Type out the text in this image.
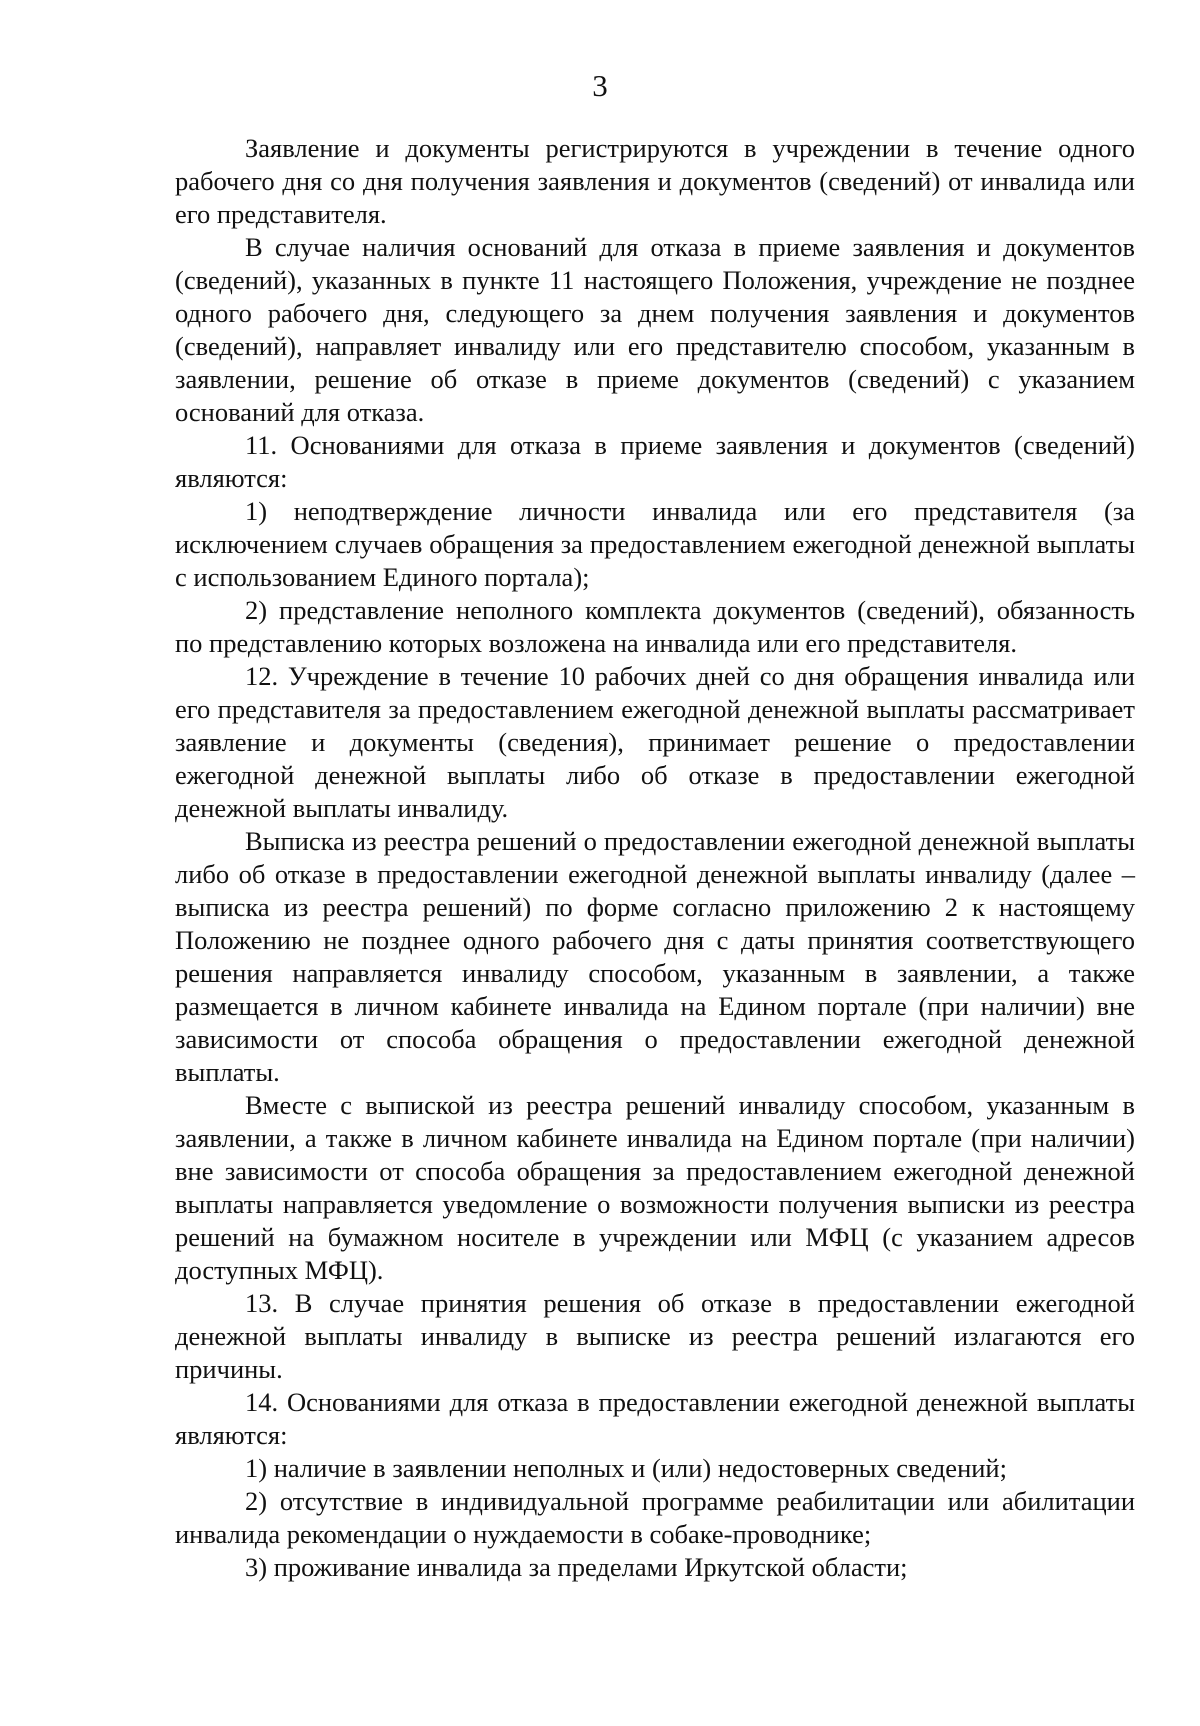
3

Заявление и документы регистрируются в учреждении в течение одного рабочего дня со дня получения заявления и документов (сведений) от инвалида или его представителя.

В случае наличия оснований для отказа в приеме заявления и документов (сведений), указанных в пункте 11 настоящего Положения, учреждение не позднее одного рабочего дня, следующего за днем получения заявления и документов (сведений), направляет инвалиду или его представителю способом, указанным в заявлении, решение об отказе в приеме документов (сведений) с указанием оснований для отказа.

11. Основаниями для отказа в приеме заявления и документов (сведений) являются:

1) неподтверждение личности инвалида или его представителя (за исключением случаев обращения за предоставлением ежегодной денежной выплаты с использованием Единого портала);

2) представление неполного комплекта документов (сведений), обязанность по представлению которых возложена на инвалида или его представителя.

12. Учреждение в течение 10 рабочих дней со дня обращения инвалида или его представителя за предоставлением ежегодной денежной выплаты рассматривает заявление и документы (сведения), принимает решение о предоставлении ежегодной денежной выплаты либо об отказе в предоставлении ежегодной денежной выплаты инвалиду.

Выписка из реестра решений о предоставлении ежегодной денежной выплаты либо об отказе в предоставлении ежегодной денежной выплаты инвалиду (далее – выписка из реестра решений) по форме согласно приложению 2 к настоящему Положению не позднее одного рабочего дня с даты принятия соответствующего решения направляется инвалиду способом, указанным в заявлении, а также размещается в личном кабинете инвалида на Едином портале (при наличии) вне зависимости от способа обращения о предоставлении ежегодной денежной выплаты.

Вместе с выпиской из реестра решений инвалиду способом, указанным в заявлении, а также в личном кабинете инвалида на Едином портале (при наличии) вне зависимости от способа обращения за предоставлением ежегодной денежной выплаты направляется уведомление о возможности получения выписки из реестра решений на бумажном носителе в учреждении или МФЦ (с указанием адресов доступных МФЦ).

13. В случае принятия решения об отказе в предоставлении ежегодной денежной выплаты инвалиду в выписке из реестра решений излагаются его причины.

14. Основаниями для отказа в предоставлении ежегодной денежной выплаты являются:

1) наличие в заявлении неполных и (или) недостоверных сведений;

2) отсутствие в индивидуальной программе реабилитации или абилитации инвалида рекомендации о нуждаемости в собаке-проводнике;

3) проживание инвалида за пределами Иркутской области;
